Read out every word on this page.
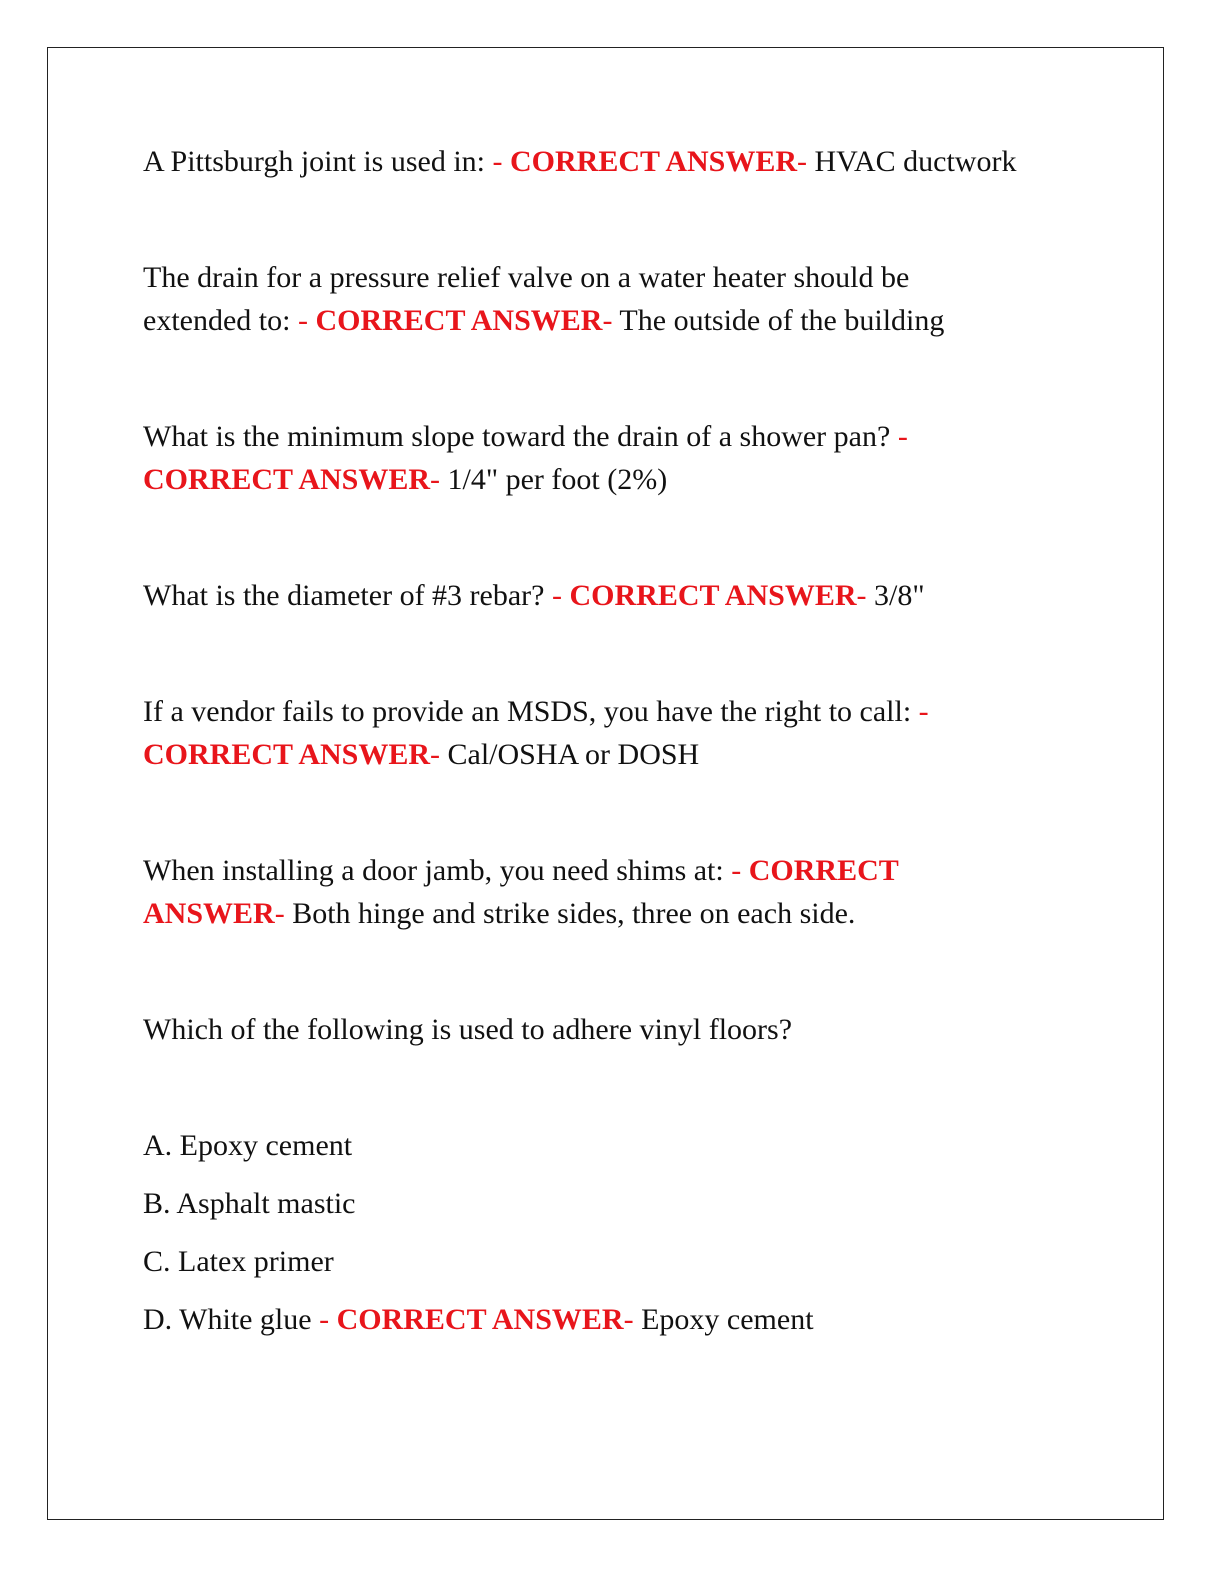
A Pittsburgh joint is used in: - CORRECT ANSWER- HVAC ductwork

The drain for a pressure relief valve on a water heater should be extended to: - CORRECT ANSWER- The outside of the building

What is the minimum slope toward the drain of a shower pan? - CORRECT ANSWER- 1/4" per foot (2%)

What is the diameter of #3 rebar? - CORRECT ANSWER- 3/8"

If a vendor fails to provide an MSDS, you have the right to call: - CORRECT ANSWER- Cal/OSHA or DOSH

When installing a door jamb, you need shims at: - CORRECT ANSWER- Both hinge and strike sides, three on each side.

Which of the following is used to adhere vinyl floors?

A. Epoxy cement

B. Asphalt mastic

C. Latex primer

D. White glue - CORRECT ANSWER- Epoxy cement
